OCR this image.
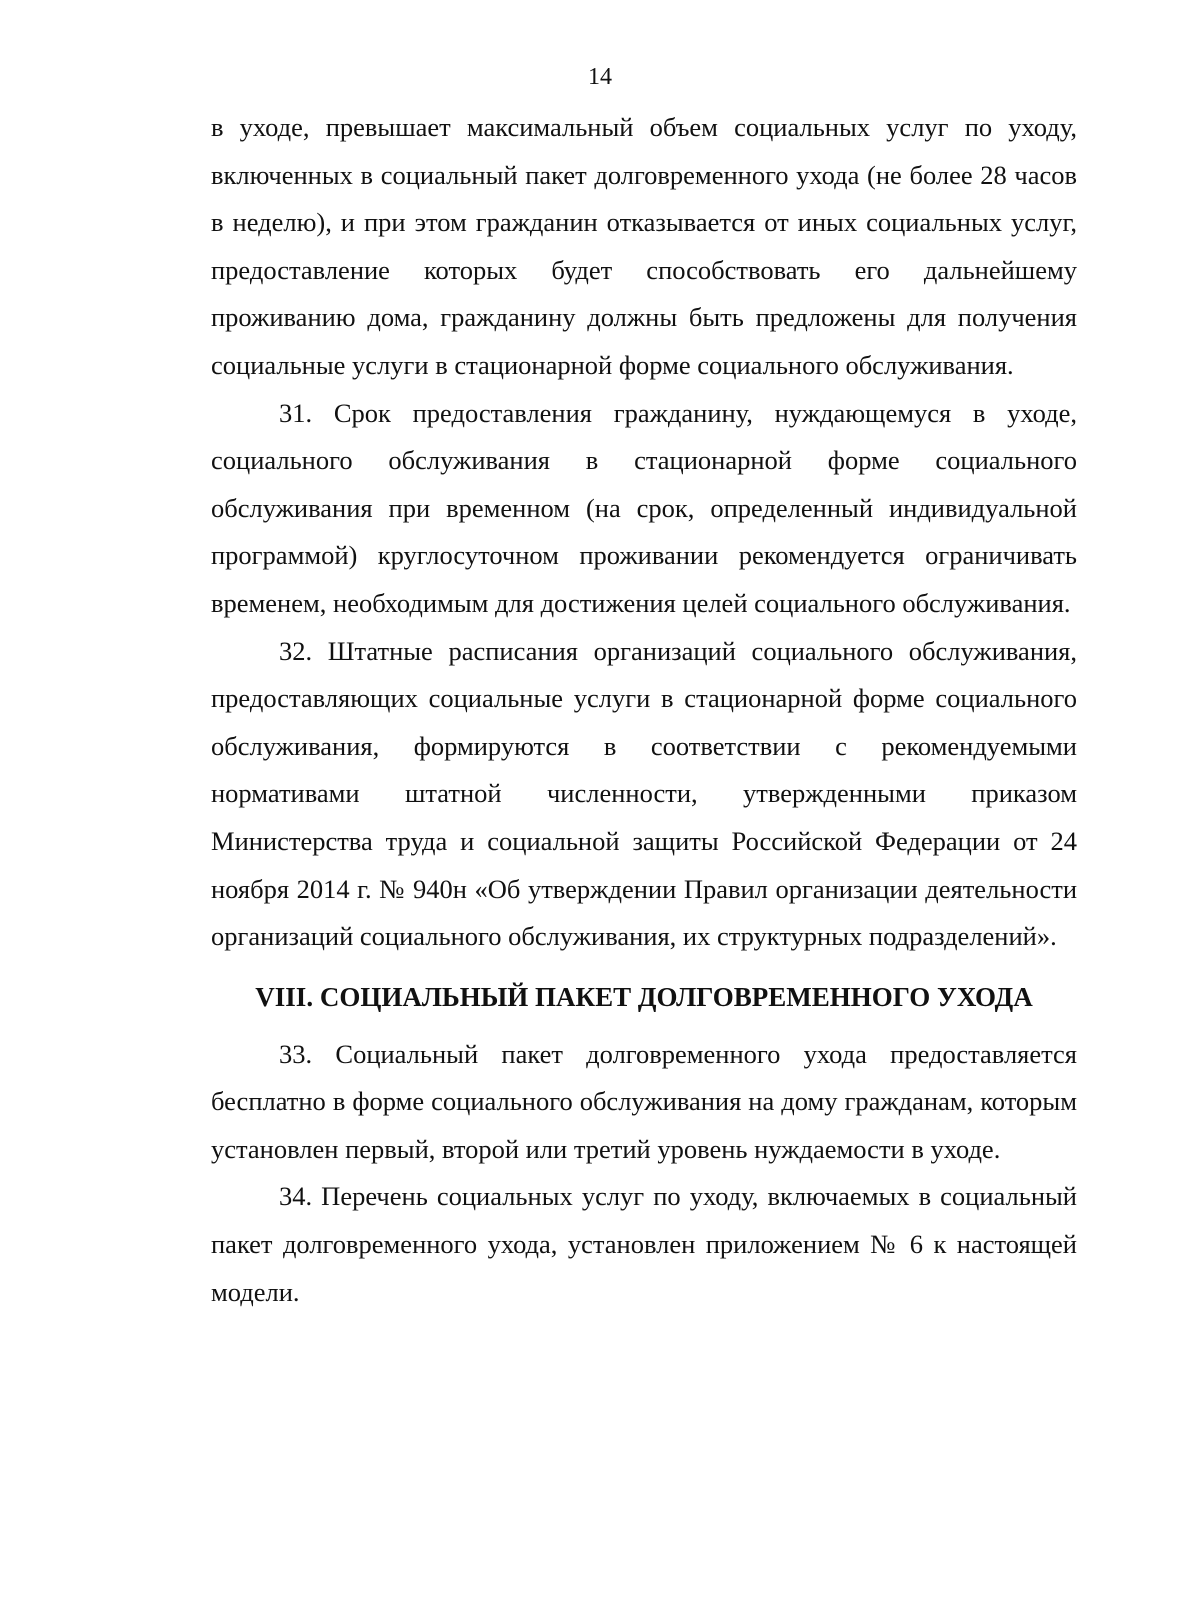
14

в уходе, превышает максимальный объем социальных услуг по уходу, включенных в социальный пакет долговременного ухода (не более 28 часов в неделю), и при этом гражданин отказывается от иных социальных услуг, предоставление которых будет способствовать его дальнейшему проживанию дома, гражданину должны быть предложены для получения социальные услуги в стационарной форме социального обслуживания.

31. Срок предоставления гражданину, нуждающемуся в уходе, социального обслуживания в стационарной форме социального обслуживания при временном (на срок, определенный индивидуальной программой) круглосуточном проживании рекомендуется ограничивать временем, необходимым для достижения целей социального обслуживания.

32. Штатные расписания организаций социального обслуживания, предоставляющих социальные услуги в стационарной форме социального обслуживания, формируются в соответствии с рекомендуемыми нормативами штатной численности, утвержденными приказом Министерства труда и социальной защиты Российской Федерации от 24 ноября 2014 г. № 940н «Об утверждении Правил организации деятельности организаций социального обслуживания, их структурных подразделений».

VIII. СОЦИАЛЬНЫЙ ПАКЕТ ДОЛГОВРЕМЕННОГО УХОДА

33. Социальный пакет долговременного ухода предоставляется бесплатно в форме социального обслуживания на дому гражданам, которым установлен первый, второй или третий уровень нуждаемости в уходе.

34. Перечень социальных услуг по уходу, включаемых в социальный пакет долговременного ухода, установлен приложением № 6 к настоящей модели.
